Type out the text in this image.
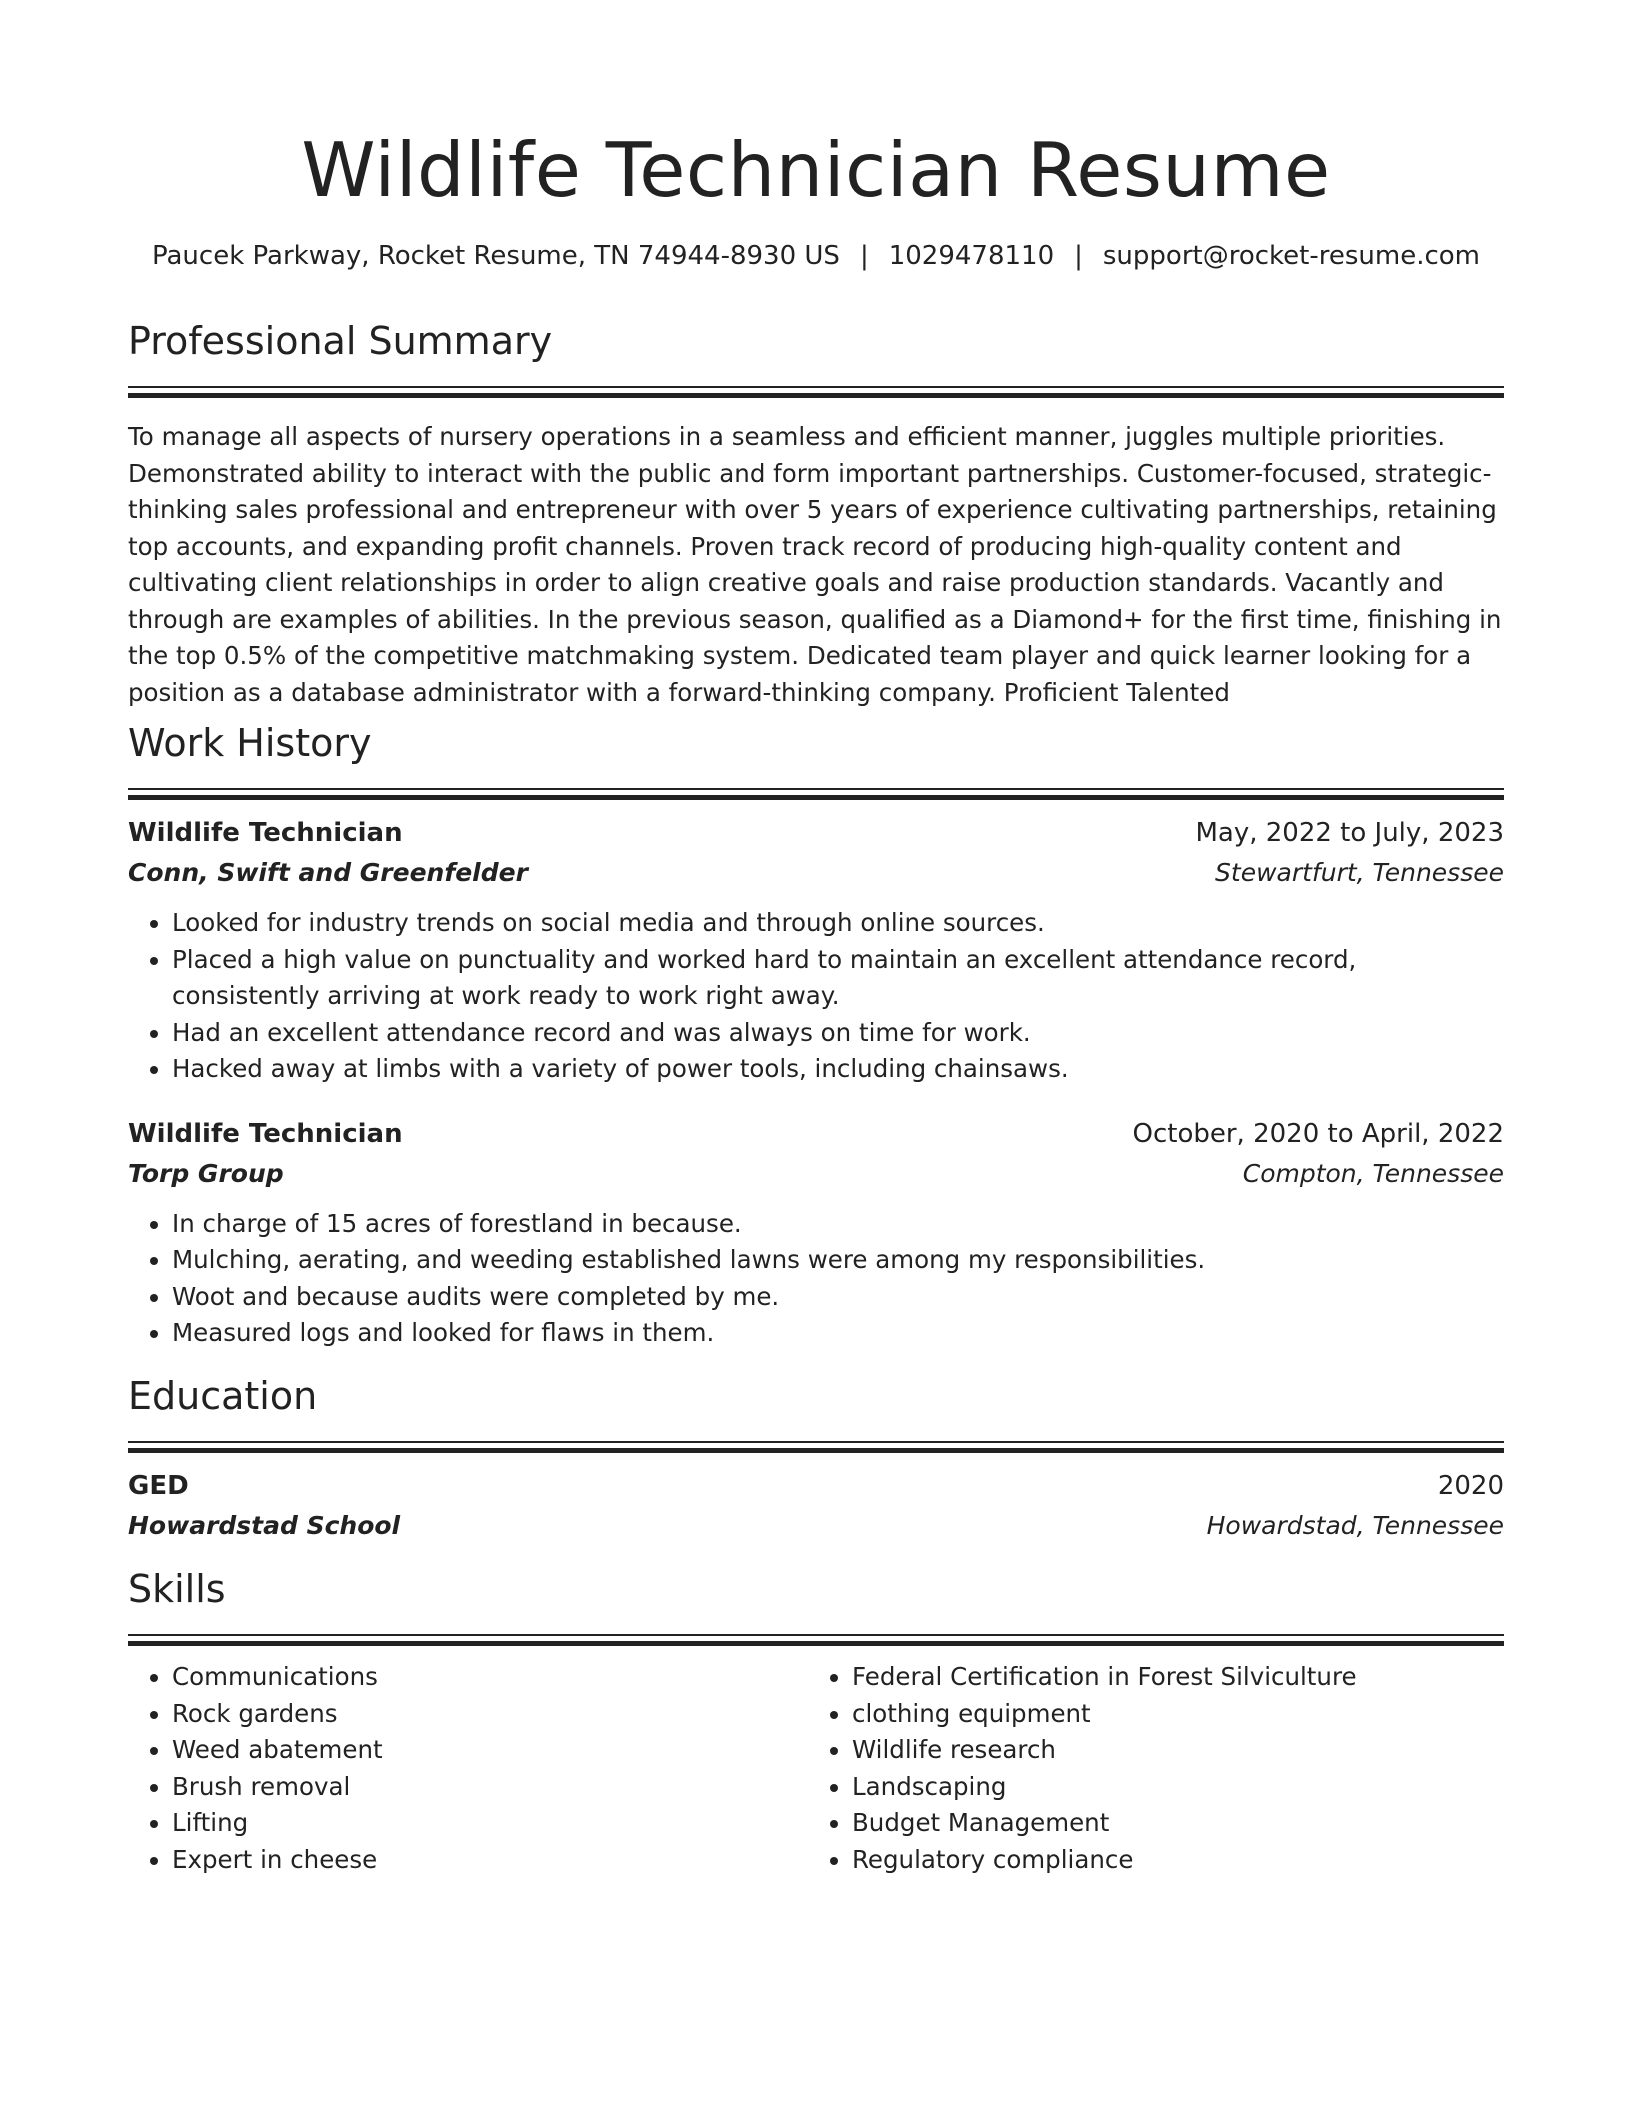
Wildlife Technician Resume
Paucek Parkway, Rocket Resume, TN 74944-8930 US | 1029478110 | support@rocket-resume.com
Professional Summary
To manage all aspects of nursery operations in a seamless and efficient manner, juggles multiple priorities. Demonstrated ability to interact with the public and form important partnerships. Customer-focused, strategic-thinking sales professional and entrepreneur with over 5 years of experience cultivating partnerships, retaining top accounts, and expanding profit channels. Proven track record of producing high-quality content and cultivating client relationships in order to align creative goals and raise production standards. Vacantly and through are examples of abilities. In the previous season, qualified as a Diamond+ for the first time, finishing in the top 0.5% of the competitive matchmaking system. Dedicated team player and quick learner looking for a position as a database administrator with a forward-thinking company. Proficient Talented
Work History
Wildlife Technician	May, 2022 to July, 2023
Conn, Swift and Greenfelder	Stewartfurt, Tennessee
• Looked for industry trends on social media and through online sources.
• Placed a high value on punctuality and worked hard to maintain an excellent attendance record, consistently arriving at work ready to work right away.
• Had an excellent attendance record and was always on time for work.
• Hacked away at limbs with a variety of power tools, including chainsaws.
Wildlife Technician	October, 2020 to April, 2022
Torp Group	Compton, Tennessee
• In charge of 15 acres of forestland in because.
• Mulching, aerating, and weeding established lawns were among my responsibilities.
• Woot and because audits were completed by me.
• Measured logs and looked for flaws in them.
Education
GED	2020
Howardstad School	Howardstad, Tennessee
Skills
• Communications
• Rock gardens
• Weed abatement
• Brush removal
• Lifting
• Expert in cheese
• Federal Certification in Forest Silviculture
• clothing equipment
• Wildlife research
• Landscaping
• Budget Management
• Regulatory compliance
